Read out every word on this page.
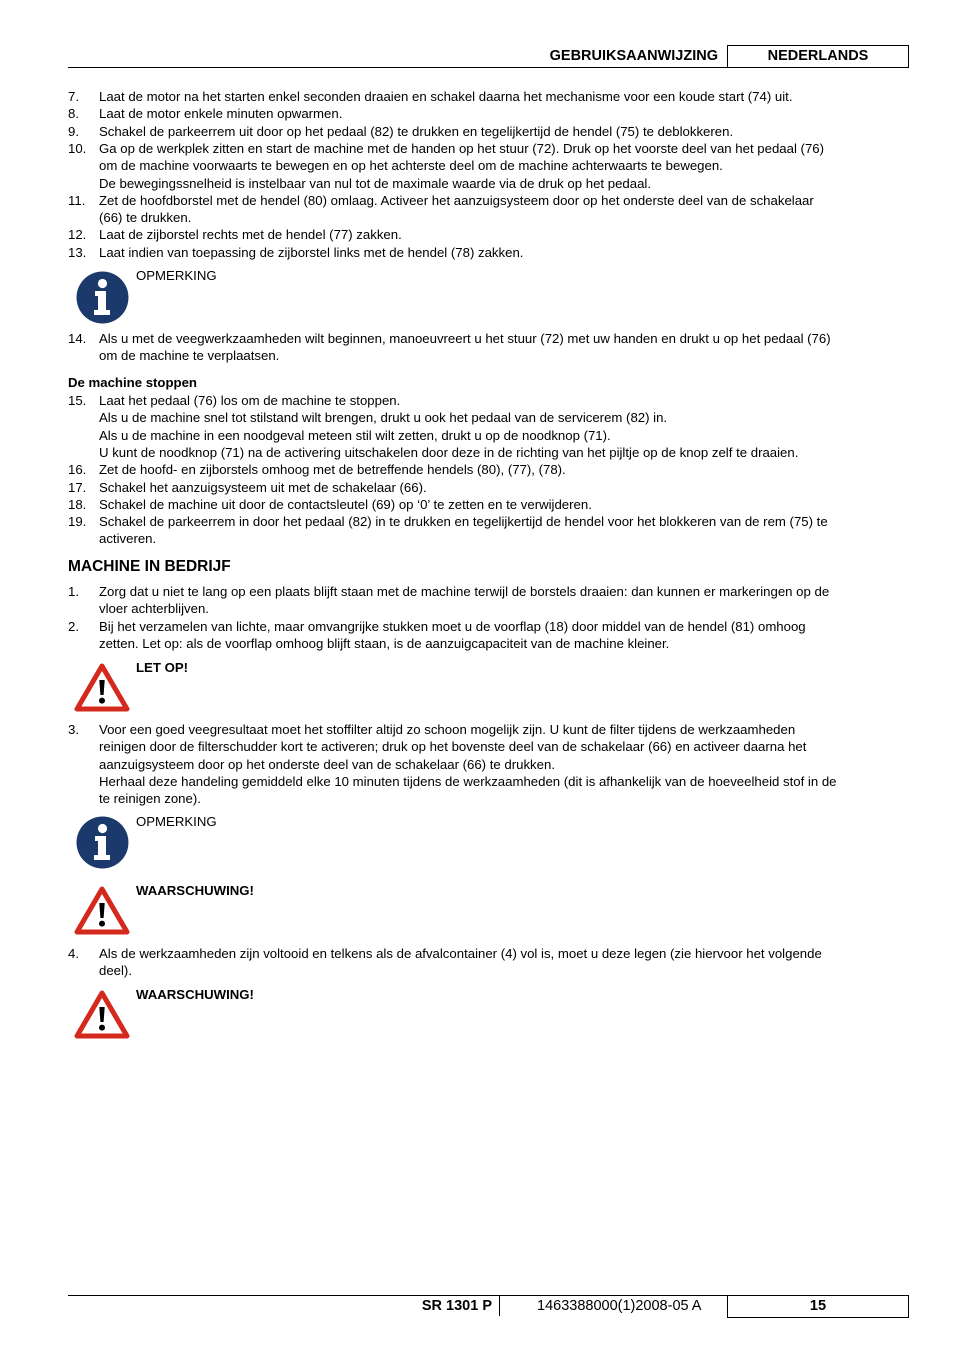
GEBRUIKSAANWIJZING	NEDERLANDS
7. Laat de motor na het starten enkel seconden draaien en schakel daarna het mechanisme voor een koude start (74) uit.
8. Laat de motor enkele minuten opwarmen.
9. Schakel de parkeerrem uit door op het pedaal (82) te drukken en tegelijkertijd de hendel (75) te deblokkeren.
10. Ga op de werkplek zitten en start de machine met de handen op het stuur (72). Druk op het voorste deel van het pedaal (76)
om de machine voorwaarts te bewegen en op het achterste deel om de machine achterwaarts te bewegen.
De bewegingssnelheid is instelbaar van nul tot de maximale waarde via de druk op het pedaal.
11. Zet de hoofdborstel met de hendel (80) omlaag. Activeer het aanzuigsysteem door op het onderste deel van de schakelaar
(66) te drukken.
12. Laat de zijborstel rechts met de hendel (77) zakken.
13. Laat indien van toepassing de zijborstel links met de hendel (78) zakken.
OPMERKING
14. Als u met de veegwerkzaamheden wilt beginnen, manoeuvreert u het stuur (72) met uw handen en drukt u op het pedaal (76)
om de machine te verplaatsen.
De machine stoppen
15. Laat het pedaal (76) los om de machine te stoppen.
Als u de machine snel tot stilstand wilt brengen, drukt u ook het pedaal van de servicerem (82) in.
Als u de machine in een noodgeval meteen stil wilt zetten, drukt u op de noodknop (71).
U kunt de noodknop (71) na de activering uitschakelen door deze in de richting van het pijltje op de knop zelf te draaien.
16. Zet de hoofd- en zijborstels omhoog met de betreffende hendels (80), (77), (78).
17. Schakel het aanzuigsysteem uit met de schakelaar (66).
18. Schakel de machine uit door de contactsleutel (69) op ‘0’ te zetten en te verwijderen.
19. Schakel de parkeerrem in door het pedaal (82) in te drukken en tegelijkertijd de hendel voor het blokkeren van de rem (75) te
activeren.
MACHINE IN BEDRIJF
1. Zorg dat u niet te lang op een plaats blijft staan met de machine terwijl de borstels draaien: dan kunnen er markeringen op de
vloer achterblijven.
2. Bij het verzamelen van lichte, maar omvangrijke stukken moet u de voorflap (18) door middel van de hendel (81) omhoog
zetten. Let op: als de voorflap omhoog blijft staan, is de aanzuigcapaciteit van de machine kleiner.
LET OP!
3. Voor een goed veegresultaat moet het stoffilter altijd zo schoon mogelijk zijn. U kunt de filter tijdens de werkzaamheden
reinigen door de filterschudder kort te activeren; druk op het bovenste deel van de schakelaar (66) en activeer daarna het
aanzuigsysteem door op het onderste deel van de schakelaar (66) te drukken.
Herhaal deze handeling gemiddeld elke 10 minuten tijdens de werkzaamheden (dit is afhankelijk van de hoeveelheid stof in de
te reinigen zone).
OPMERKING
WAARSCHUWING!
4. Als de werkzaamheden zijn voltooid en telkens als de afvalcontainer (4) vol is, moet u deze legen (zie hiervoor het volgende
deel).
WAARSCHUWING!
SR 1301 P	1463388000(1)2008-05 A	15
